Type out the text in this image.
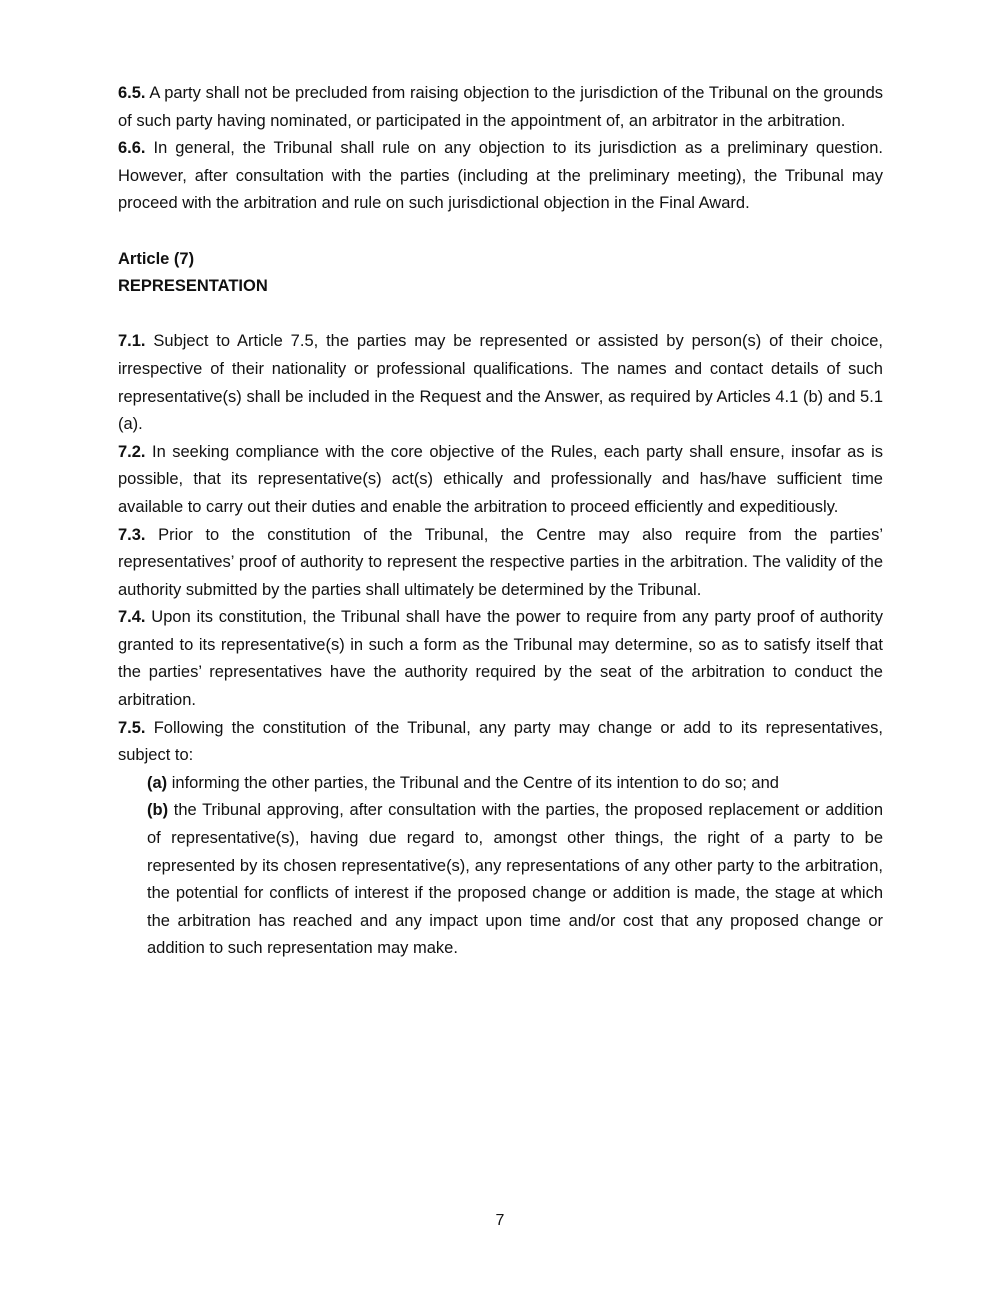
6.5. A party shall not be precluded from raising objection to the jurisdiction of the Tribunal on the grounds of such party having nominated, or participated in the appointment of, an arbitrator in the arbitration.

6.6. In general, the Tribunal shall rule on any objection to its jurisdiction as a preliminary question. However, after consultation with the parties (including at the preliminary meeting), the Tribunal may proceed with the arbitration and rule on such jurisdictional objection in the Final Award.

Article (7)

REPRESENTATION

7.1. Subject to Article 7.5, the parties may be represented or assisted by person(s) of their choice, irrespective of their nationality or professional qualifications. The names and contact details of such representative(s) shall be included in the Request and the Answer, as required by Articles 4.1 (b) and 5.1 (a).

7.2. In seeking compliance with the core objective of the Rules, each party shall ensure, insofar as is possible, that its representative(s) act(s) ethically and professionally and has/have sufficient time available to carry out their duties and enable the arbitration to proceed efficiently and expeditiously.

7.3. Prior to the constitution of the Tribunal, the Centre may also require from the parties’ representatives’ proof of authority to represent the respective parties in the arbitration. The validity of the authority submitted by the parties shall ultimately be determined by the Tribunal.

7.4. Upon its constitution, the Tribunal shall have the power to require from any party proof of authority granted to its representative(s) in such a form as the Tribunal may determine, so as to satisfy itself that the parties’ representatives have the authority required by the seat of the arbitration to conduct the arbitration.

7.5. Following the constitution of the Tribunal, any party may change or add to its representatives, subject to:

(a) informing the other parties, the Tribunal and the Centre of its intention to do so; and

(b) the Tribunal approving, after consultation with the parties, the proposed replacement or addition of representative(s), having due regard to, amongst other things, the right of a party to be represented by its chosen representative(s), any representations of any other party to the arbitration, the potential for conflicts of interest if the proposed change or addition is made, the stage at which the arbitration has reached and any impact upon time and/or cost that any proposed change or addition to such representation may make.

7
